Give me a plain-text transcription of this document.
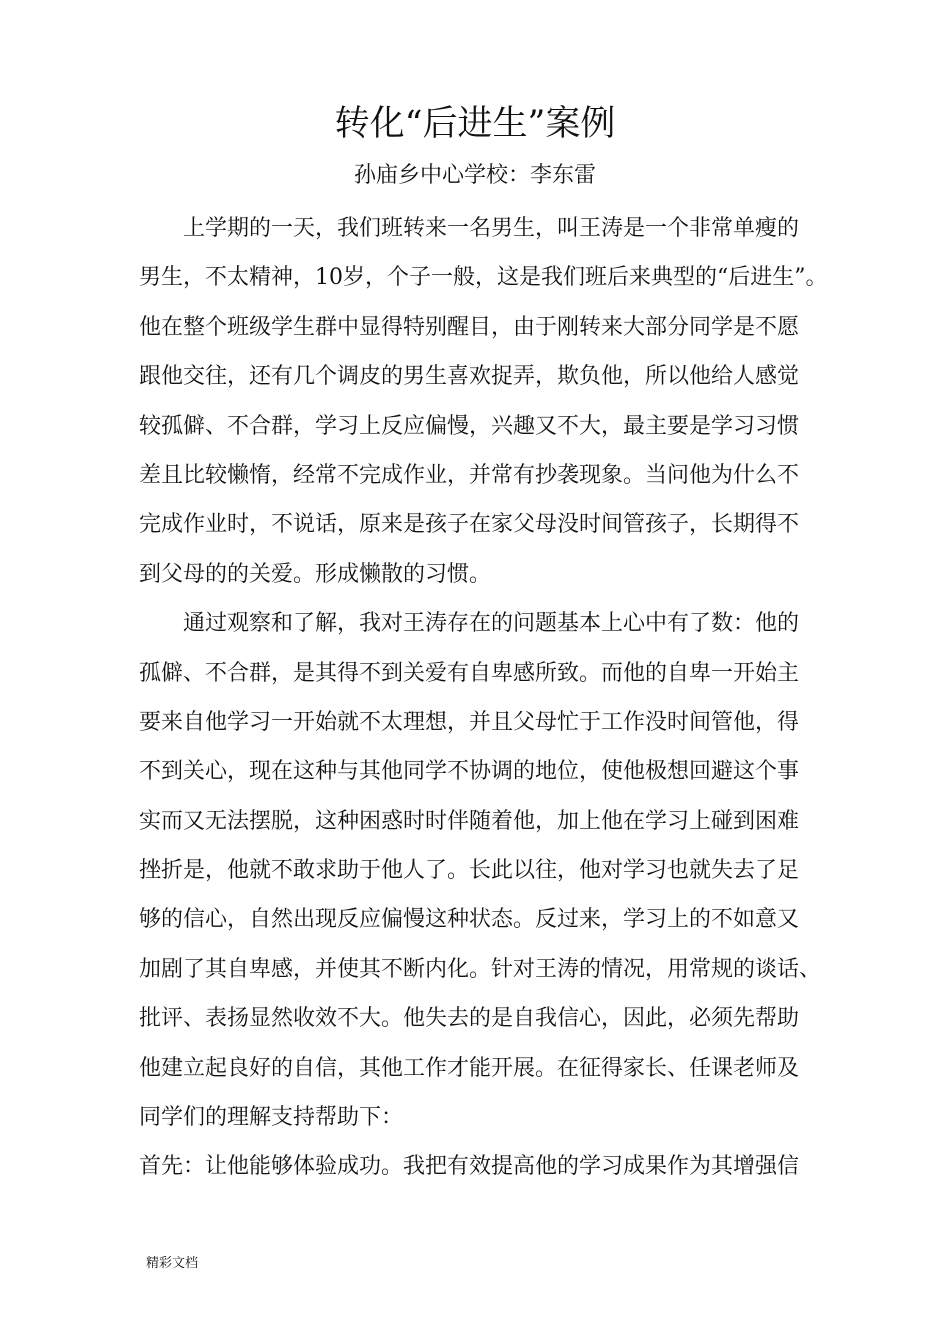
转化“后进生”案例

孙庙乡中心学校：李东雷

上学期的一天，我们班转来一名男生，叫王涛是一个非常单瘦的
男生，不太精神，10岁，个子一般，这是我们班后来典型的“后进生”。
他在整个班级学生群中显得特别醒目，由于刚转来大部分同学是不愿
跟他交往，还有几个调皮的男生喜欢捉弄，欺负他，所以他给人感觉
较孤僻、不合群，学习上反应偏慢，兴趣又不大，最主要是学习习惯
差且比较懒惰，经常不完成作业，并常有抄袭现象。当问他为什么不
完成作业时，不说话，原来是孩子在家父母没时间管孩子，长期得不
到父母的的关爱。形成懒散的习惯。
通过观察和了解，我对王涛存在的问题基本上心中有了数：他的
孤僻、不合群，是其得不到关爱有自卑感所致。而他的自卑一开始主
要来自他学习一开始就不太理想，并且父母忙于工作没时间管他，得
不到关心，现在这种与其他同学不协调的地位，使他极想回避这个事
实而又无法摆脱，这种困惑时时伴随着他，加上他在学习上碰到困难
挫折是，他就不敢求助于他人了。长此以往，他对学习也就失去了足
够的信心，自然出现反应偏慢这种状态。反过来，学习上的不如意又
加剧了其自卑感，并使其不断内化。针对王涛的情况，用常规的谈话、
批评、表扬显然收效不大。他失去的是自我信心，因此，必须先帮助
他建立起良好的自信，其他工作才能开展。在征得家长、任课老师及
同学们的理解支持帮助下：
首先：让他能够体验成功。我把有效提高他的学习成果作为其增强信
精彩文档
